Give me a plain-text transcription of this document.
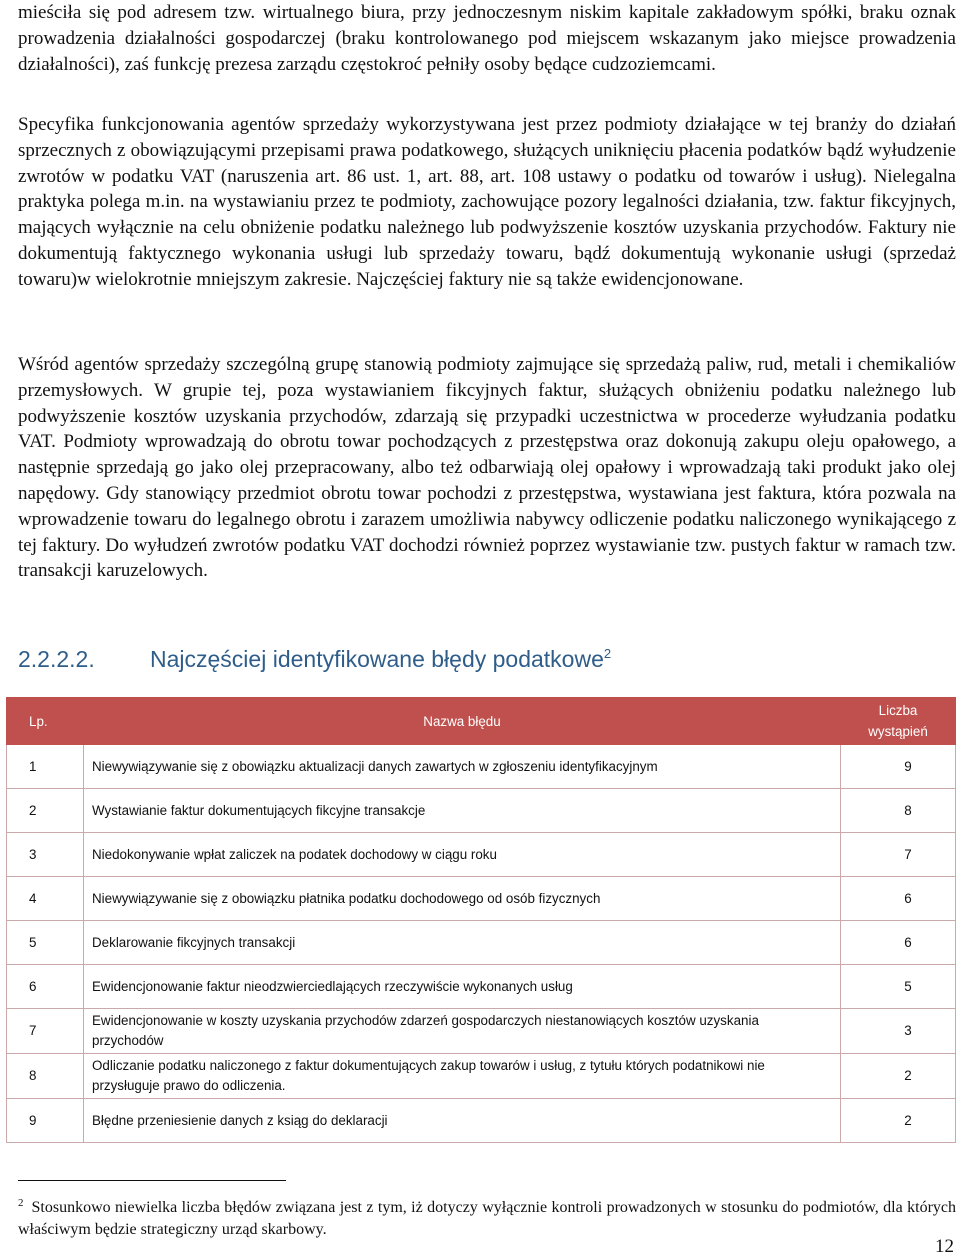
mieściła się pod adresem tzw. wirtualnego biura, przy jednoczesnym niskim kapitale zakładowym spółki, braku oznak prowadzenia działalności gospodarczej (braku kontrolowanego pod miejscem wskazanym jako miejsce prowadzenia działalności), zaś funkcję prezesa zarządu częstokroć pełniły osoby będące cudzoziemcami.

Specyfika funkcjonowania agentów sprzedaży wykorzystywana jest przez podmioty działające w tej branży do działań sprzecznych z obowiązującymi przepisami prawa podatkowego, służących uniknięciu płacenia podatków bądź wyłudzenie zwrotów w podatku VAT (naruszenia art. 86 ust. 1, art. 88, art. 108 ustawy o podatku od towarów i usług). Nielegalna praktyka polega m.in. na wystawianiu przez te podmioty, zachowujące pozory legalności działania, tzw. faktur fikcyjnych, mających wyłącznie na celu obniżenie podatku należnego lub podwyższenie kosztów uzyskania przychodów. Faktury nie dokumentują faktycznego wykonania usługi lub sprzedaży towaru, bądź dokumentują wykonanie usługi (sprzedaż towaru)w wielokrotnie mniejszym zakresie. Najczęściej faktury nie są także ewidencjonowane.

Wśród agentów sprzedaży szczególną grupę stanowią podmioty zajmujące się sprzedażą paliw, rud, metali i chemikaliów przemysłowych. W grupie tej, poza wystawianiem fikcyjnych faktur, służących obniżeniu podatku należnego lub podwyższenie kosztów uzyskania przychodów, zdarzają się przypadki uczestnictwa w procederze wyłudzania podatku VAT. Podmioty wprowadzają do obrotu towar pochodzących z przestępstwa oraz dokonują zakupu oleju opałowego, a następnie sprzedają go jako olej przepracowany, albo też odbarwiają olej opałowy i wprowadzają taki produkt jako olej napędowy. Gdy stanowiący przedmiot obrotu towar pochodzi z przestępstwa, wystawiana jest faktura, która pozwala na wprowadzenie towaru do legalnego obrotu i zarazem umożliwia nabywcy odliczenie podatku naliczonego wynikającego z tej faktury. Do wyłudzeń zwrotów podatku VAT dochodzi również poprzez wystawianie tzw. pustych faktur w ramach tzw. transakcji karuzelowych.

2.2.2.2. Najczęściej identyfikowane błędy podatkowe$^2$
Lp.	Nazwa błędu	Liczba wystąpień
1	Niewywiązywanie się z obowiązku aktualizacji danych zawartych w zgłoszeniu identyfikacyjnym	9
2	Wystawianie faktur dokumentujących fikcyjne transakcje	8
3	Niedokonywanie wpłat zaliczek na podatek dochodowy w ciągu roku	7
4	Niewywiązywanie się z obowiązku płatnika podatku dochodowego od osób fizycznych	6
5	Deklarowanie fikcyjnych transakcji	6
6	Ewidencjonowanie faktur nieodzwierciedlających rzeczywiście wykonanych usług	5
7	Ewidencjonowanie w koszty uzyskania przychodów zdarzeń gospodarczych niestanowiących kosztów uzyskania przychodów	3
8	Odliczanie podatku naliczonego z faktur dokumentujących zakup towarów i usług, z tytułu których podatnikowi nie przysługuje prawo do odliczenia.	2
9	Błędne przeniesienie danych z ksiąg do deklaracji	2

$^2$ Stosunkowo niewielka liczba błędów związana jest z tym, iż dotyczy wyłącznie kontroli prowadzonych w stosunku do podmiotów, dla których właściwym będzie strategiczny urząd skarbowy.

12
